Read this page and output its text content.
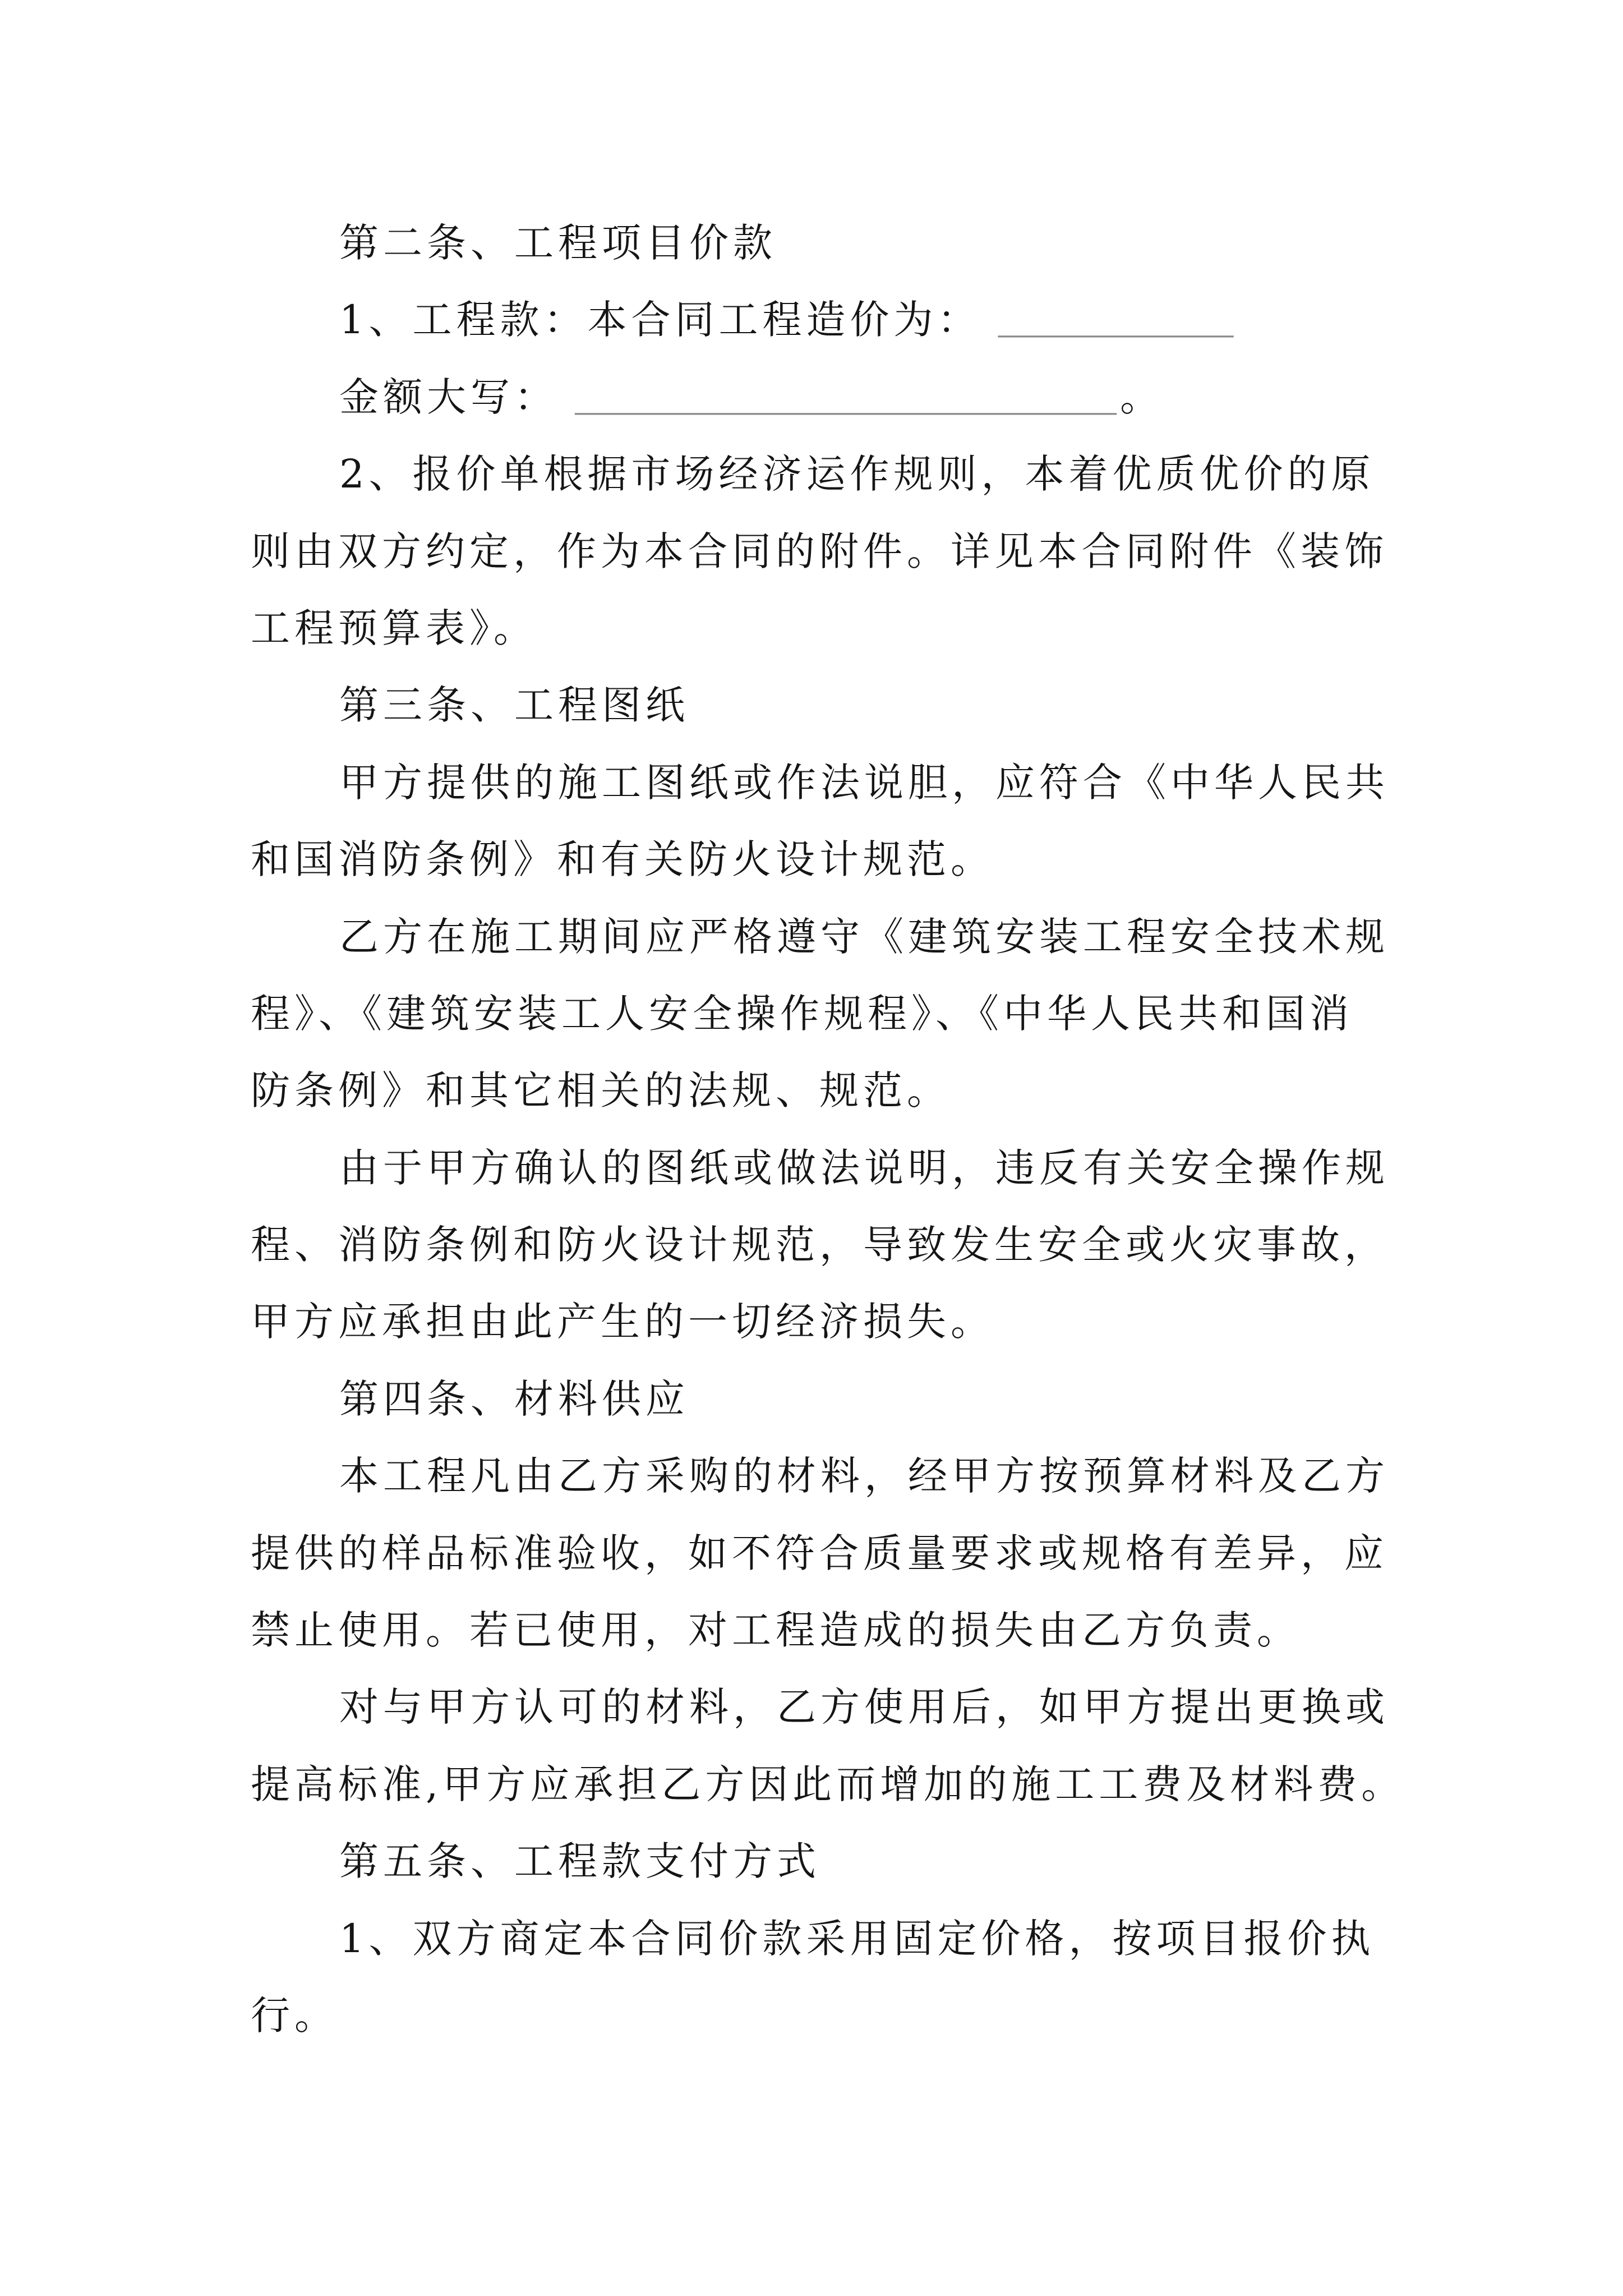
第二条、工程项目价款
1、工程款：本合同工程造价为： __________
金额大写： _______________________。
2、报价单根据市场经济运作规则，本着优质优价的原
则由双方约定，作为本合同的附件。详见本合同附件《装饰
工程预算表》。
第三条、工程图纸
甲方提供的施工图纸或作法说胆，应符合《中华人民共
和国消防条例》和有关防火设计规范。
乙方在施工期间应严格遵守《建筑安装工程安全技术规
程》、《建筑安装工人安全操作规程》、《中华人民共和国消
防条例》和其它相关的法规、规范。
由于甲方确认的图纸或做法说明，违反有关安全操作规
程、消防条例和防火设计规范，导致发生安全或火灾事故，
甲方应承担由此产生的一切经济损失。
第四条、材料供应
本工程凡由乙方采购的材料，经甲方按预算材料及乙方
提供的样品标准验收，如不符合质量要求或规格有差异，应
禁止使用。若已使用，对工程造成的损失由乙方负责。
对与甲方认可的材料，乙方使用后，如甲方提出更换或
提高标准,甲方应承担乙方因此而增加的施工工费及材料费。
第五条、工程款支付方式
1、双方商定本合同价款采用固定价格，按项目报价执
行。
